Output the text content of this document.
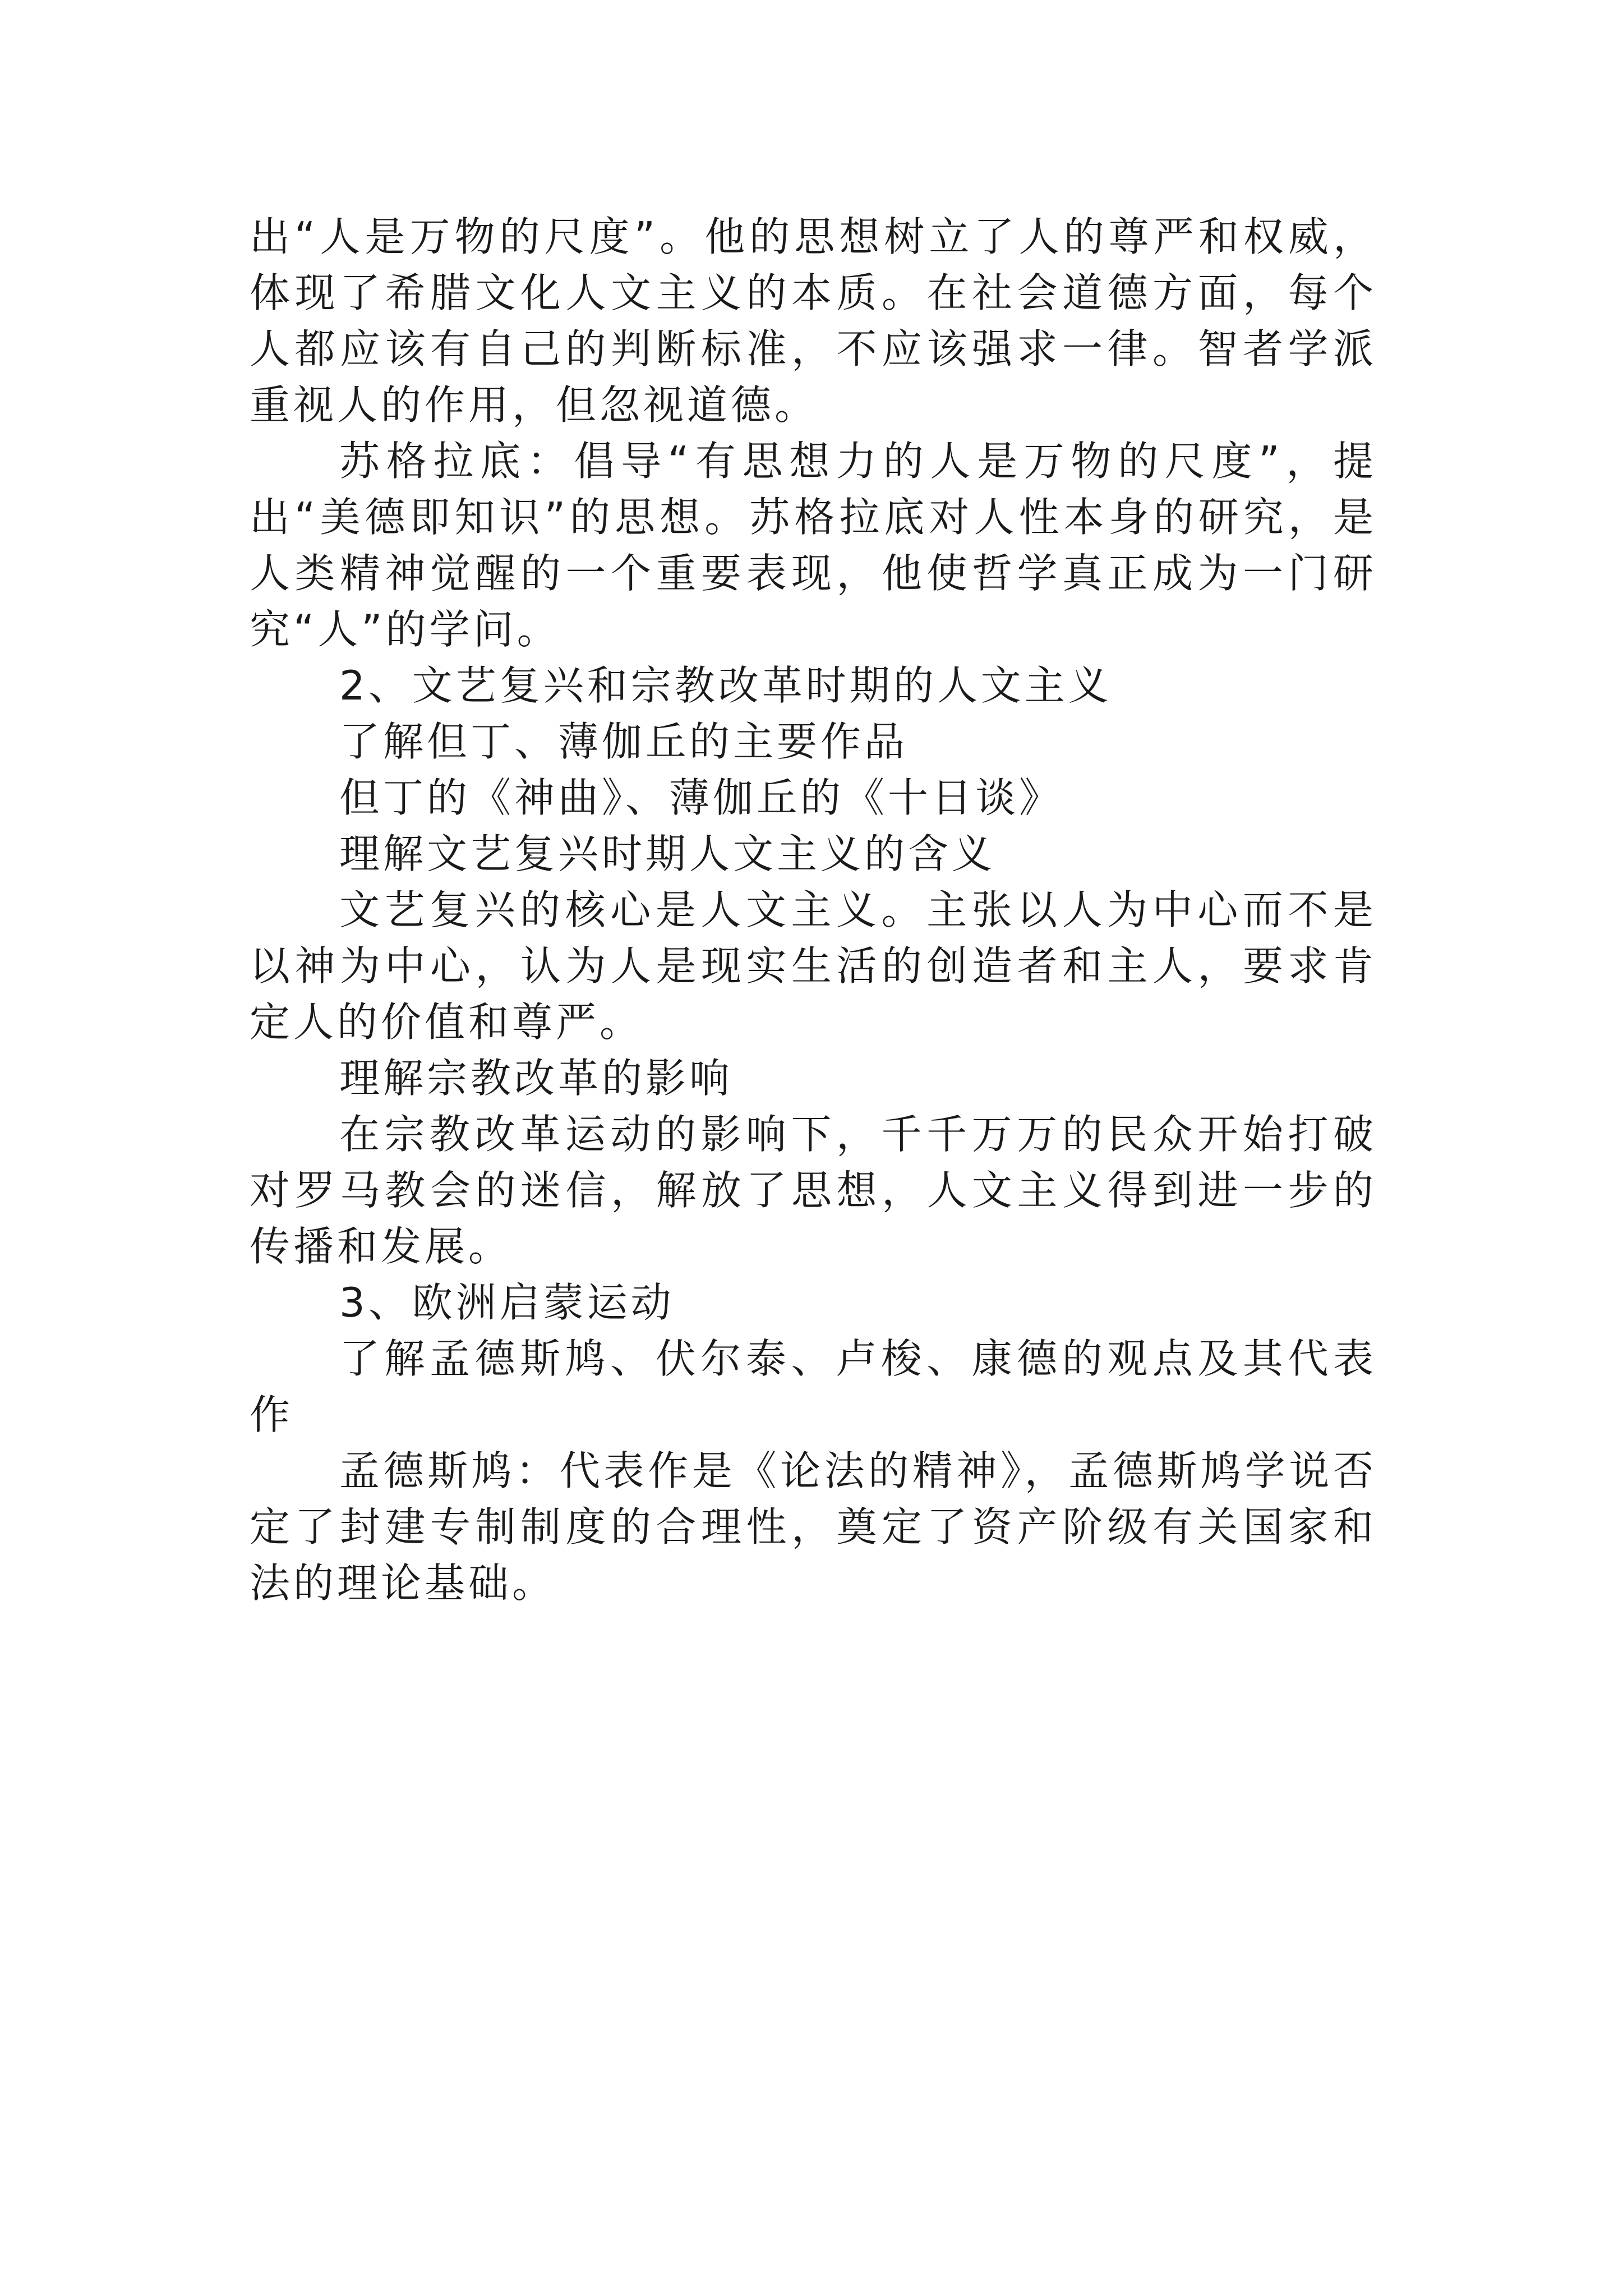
出“人是万物的尺度”。他的思想树立了人的尊严和权威，体现了希腊文化人文主义的本质。在社会道德方面，每个人都应该有自己的判断标准，不应该强求一律。智者学派重视人的作用，但忽视道德。

苏格拉底：倡导“有思想力的人是万物的尺度”，提出“美德即知识”的思想。苏格拉底对人性本身的研究，是人类精神觉醒的一个重要表现，他使哲学真正成为一门研究“人”的学问。

2、文艺复兴和宗教改革时期的人文主义

了解但丁、薄伽丘的主要作品

但丁的《神曲》、薄伽丘的《十日谈》

理解文艺复兴时期人文主义的含义

文艺复兴的核心是人文主义。主张以人为中心而不是以神为中心，认为人是现实生活的创造者和主人，要求肯定人的价值和尊严。

理解宗教改革的影响

在宗教改革运动的影响下，千千万万的民众开始打破对罗马教会的迷信，解放了思想，人文主义得到进一步的传播和发展。

3、欧洲启蒙运动

了解孟德斯鸠、伏尔泰、卢梭、康德的观点及其代表作

孟德斯鸠：代表作是《论法的精神》，孟德斯鸠学说否定了封建专制制度的合理性，奠定了资产阶级有关国家和法的理论基础。
